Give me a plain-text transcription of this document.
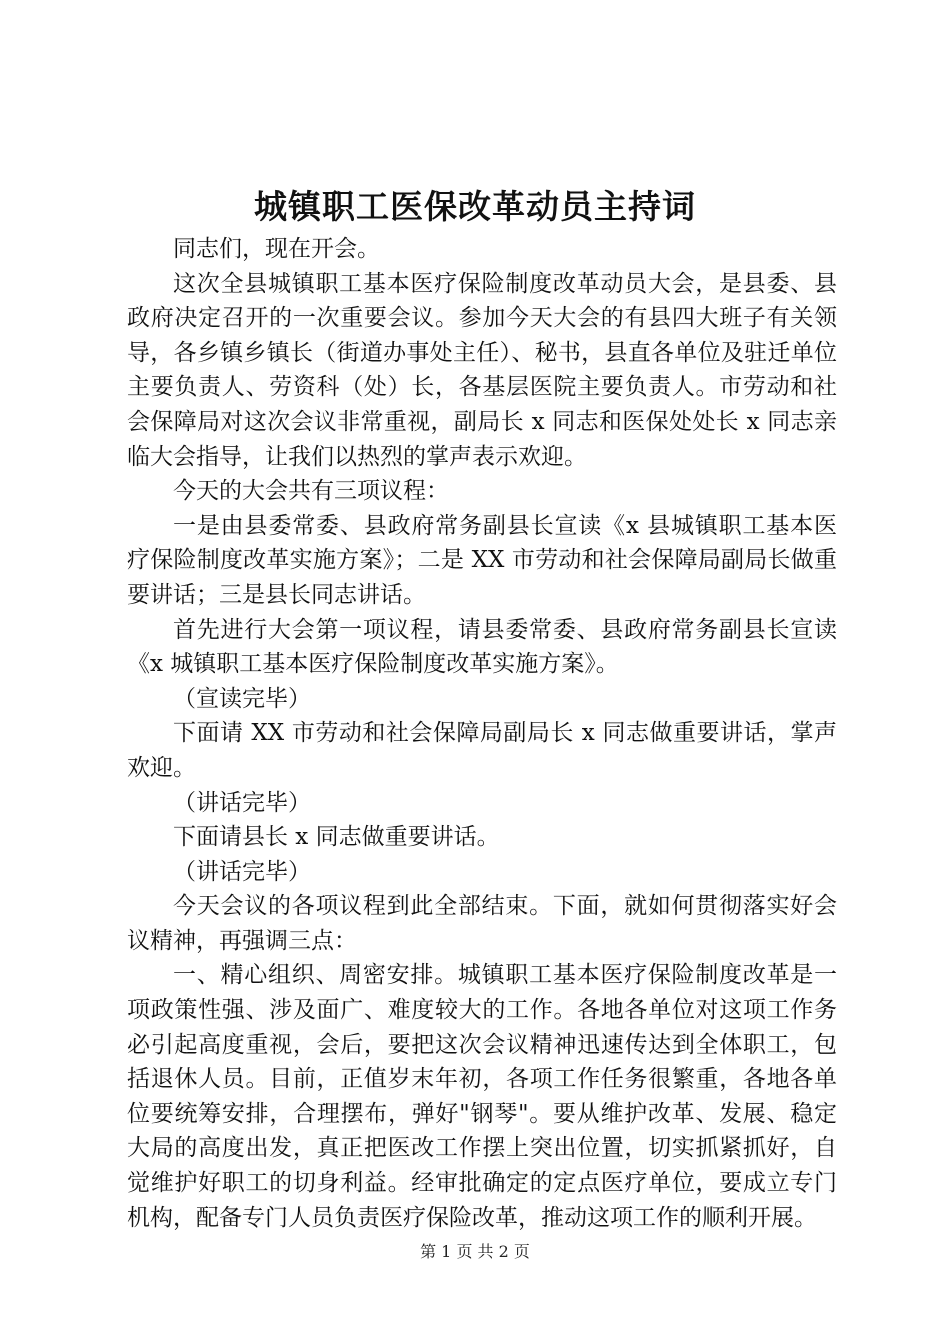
城镇职工医保改革动员主持词

同志们，现在开会。

这次全县城镇职工基本医疗保险制度改革动员大会，是县委、县政府决定召开的一次重要会议。参加今天大会的有县四大班子有关领导，各乡镇乡镇长（街道办事处主任）、秘书，县直各单位及驻迁单位主要负责人、劳资科（处）长，各基层医院主要负责人。市劳动和社会保障局对这次会议非常重视，副局长 x 同志和医保处处长 x 同志亲临大会指导，让我们以热烈的掌声表示欢迎。

今天的大会共有三项议程：

一是由县委常委、县政府常务副县长宣读《x 县城镇职工基本医疗保险制度改革实施方案》；二是 XX 市劳动和社会保障局副局长做重要讲话；三是县长同志讲话。

首先进行大会第一项议程，请县委常委、县政府常务副县长宣读《x 城镇职工基本医疗保险制度改革实施方案》。

（宣读完毕）

下面请 XX 市劳动和社会保障局副局长 x 同志做重要讲话，掌声欢迎。

（讲话完毕）

下面请县长 x 同志做重要讲话。

（讲话完毕）

今天会议的各项议程到此全部结束。下面，就如何贯彻落实好会议精神，再强调三点：

一、精心组织、周密安排。城镇职工基本医疗保险制度改革是一项政策性强、涉及面广、难度较大的工作。各地各单位对这项工作务必引起高度重视，会后，要把这次会议精神迅速传达到全体职工，包括退休人员。目前，正值岁末年初，各项工作任务很繁重，各地各单位要统筹安排，合理摆布，弹好"钢琴"。要从维护改革、发展、稳定大局的高度出发，真正把医改工作摆上突出位置，切实抓紧抓好，自觉维护好职工的切身利益。经审批确定的定点医疗单位，要成立专门机构，配备专门人员负责医疗保险改革，推动这项工作的顺利开展。

第 1 页 共 2 页
